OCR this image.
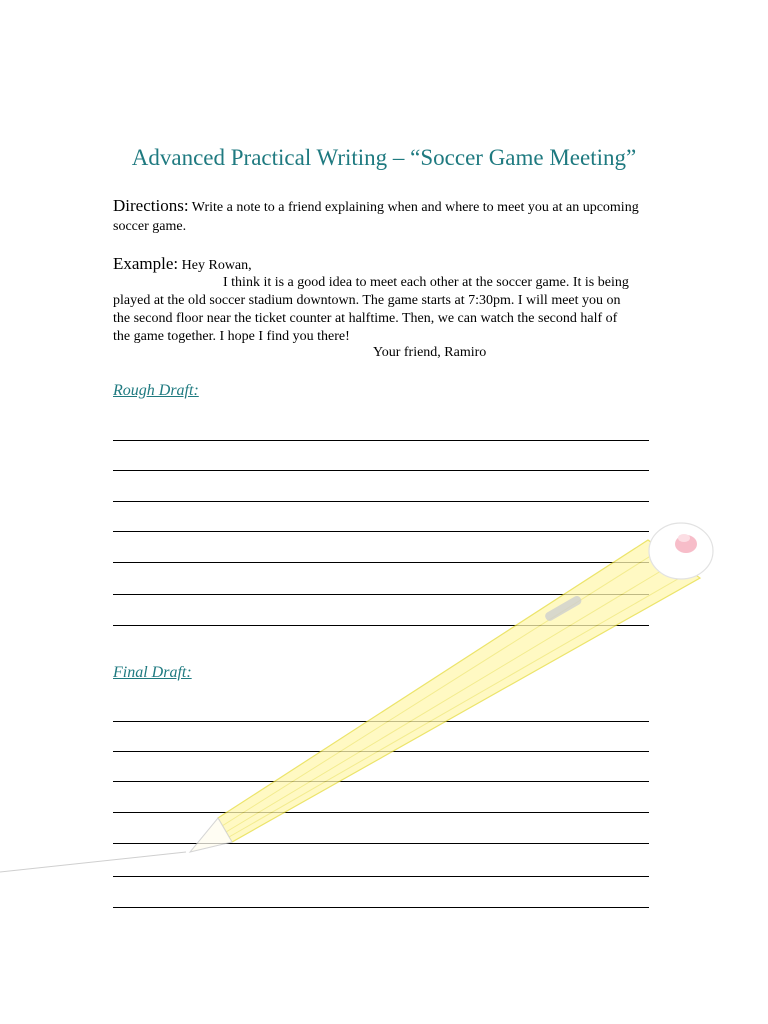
Advanced Practical Writing – “Soccer Game Meeting”
Directions: Write a note to a friend explaining when and where to meet you at an upcoming soccer game.
Example: Hey Rowan,
I think it is a good idea to meet each other at the soccer game. It is being played at the old soccer stadium downtown. The game starts at 7:30pm. I will meet you on the second floor near the ticket counter at halftime. Then, we can watch the second half of the game together. I hope I find you there!
Your friend, Ramiro
Rough Draft:
Final Draft:
